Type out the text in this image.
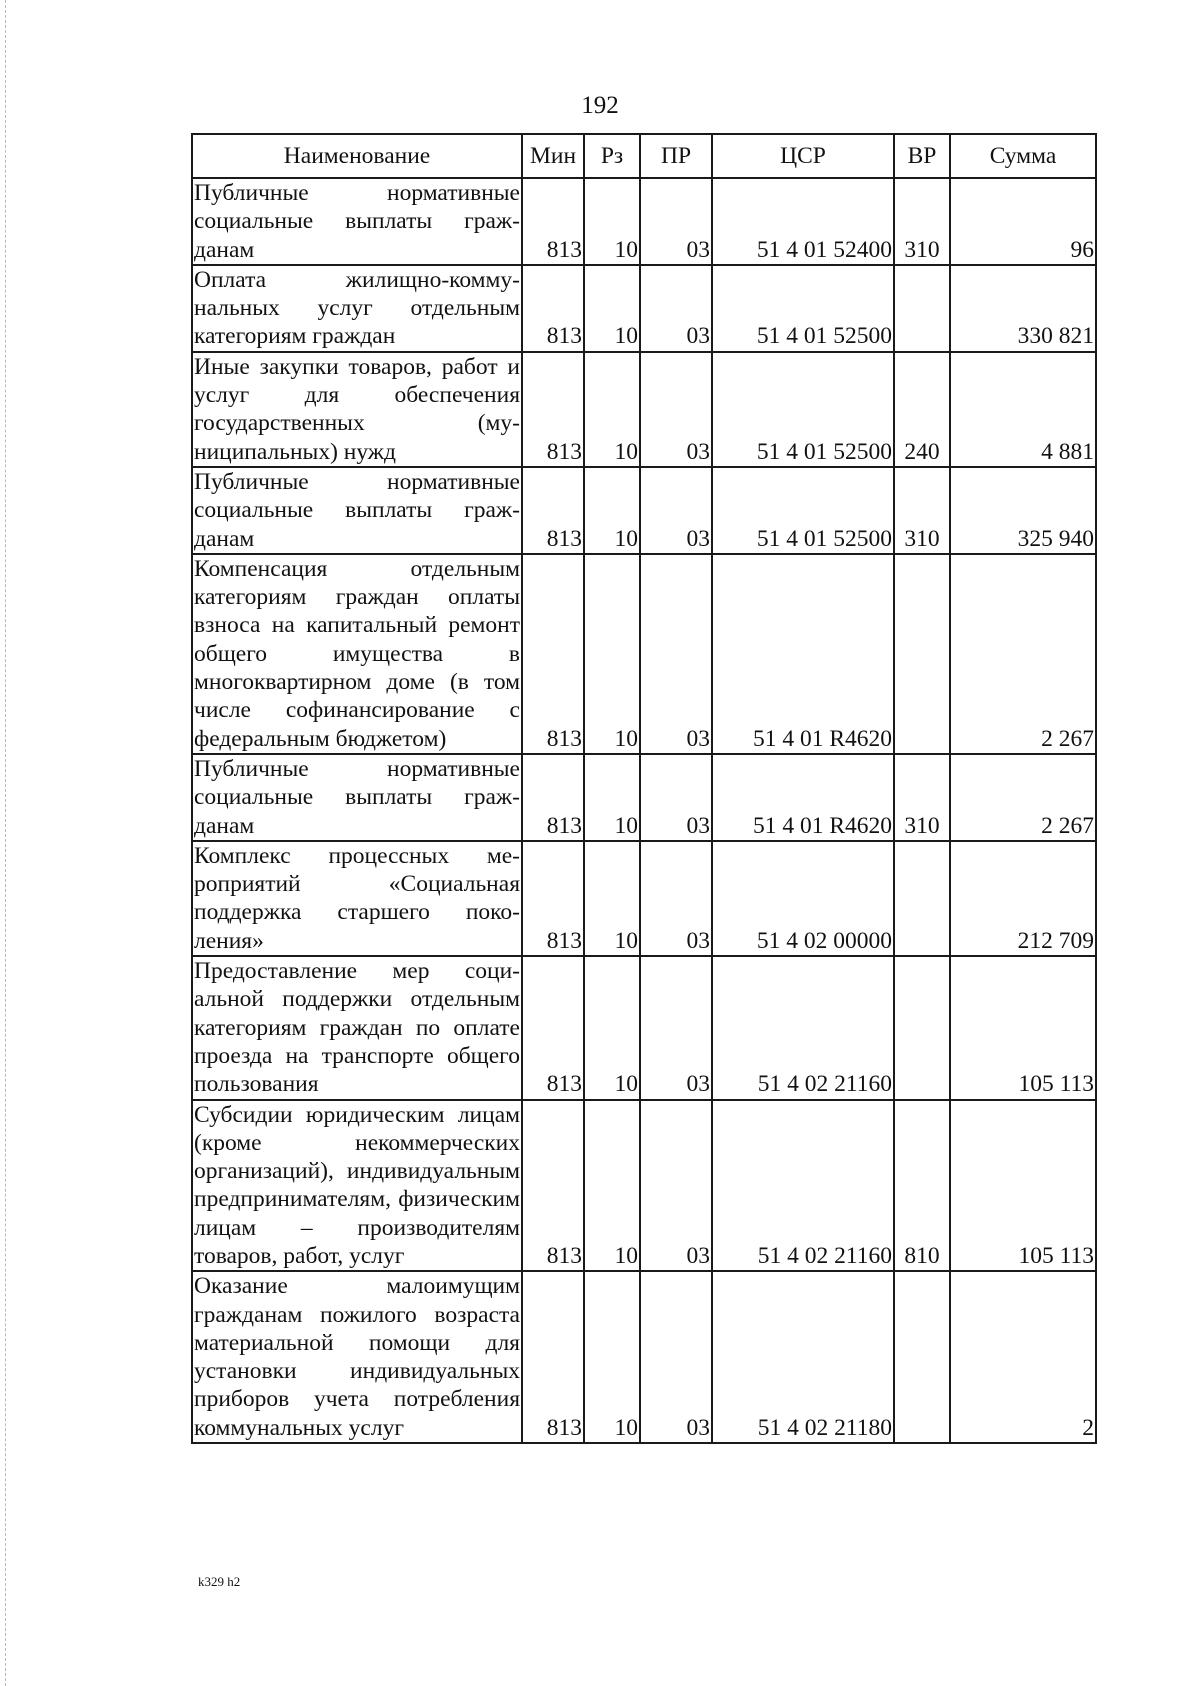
192
Наименование	Мин	Рз	ПР	ЦСР	ВР	Сумма
Публичные нормативные социальные выплаты гражданам	813	10	03	51 4 01 52400	310	96
Оплата жилищно-коммунальных услуг отдельным категориям граждан	813	10	03	51 4 01 52500		330 821
Иные закупки товаров, работ и услуг для обеспечения государственных (муниципальных) нужд	813	10	03	51 4 01 52500	240	4 881
Публичные нормативные социальные выплаты гражданам	813	10	03	51 4 01 52500	310	325 940
Компенсация отдельным категориям граждан оплаты взноса на капитальный ремонт общего имущества в многоквартирном доме (в том числе софинансирование с федеральным бюджетом)	813	10	03	51 4 01 R4620		2 267
Публичные нормативные социальные выплаты гражданам	813	10	03	51 4 01 R4620	310	2 267
Комплекс процессных мероприятий «Социальная поддержка старшего поколения»	813	10	03	51 4 02 00000		212 709
Предоставление мер социальной поддержки отдельным категориям граждан по оплате проезда на транспорте общего пользования	813	10	03	51 4 02 21160		105 113
Субсидии юридическим лицам (кроме некоммерческих организаций), индивидуальным предпринимателям, физическим лицам – производителям товаров, работ, услуг	813	10	03	51 4 02 21160	810	105 113
Оказание малоимущим гражданам пожилого возраста материальной помощи для установки индивидуальных приборов учета потребления коммунальных услуг	813	10	03	51 4 02 21180		2
k329 h2
